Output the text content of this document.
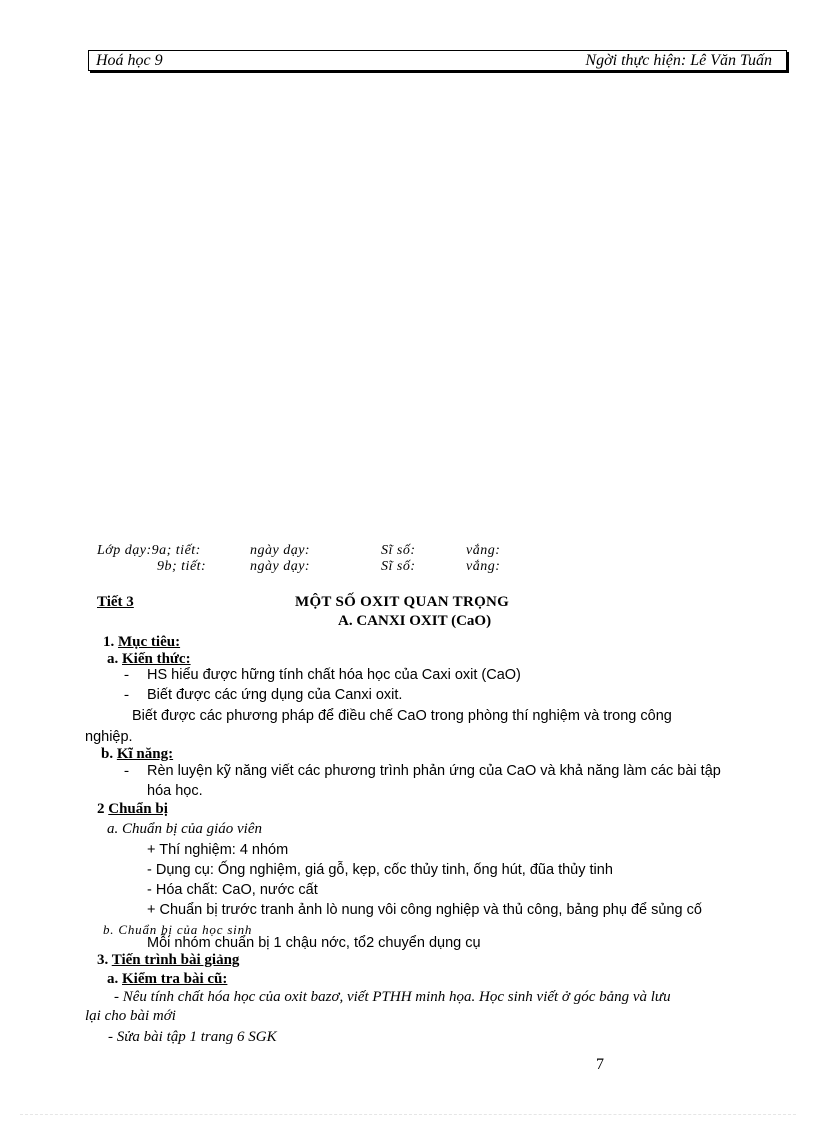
Hoá học 9	Ngời thực hiện: Lê Văn Tuấn
Lớp dạy:9a; tiết:	ngày dạy:	Sĩ số:	vắng:
9b; tiết:	ngày dạy:	Sĩ số:	vắng:
Tiết 3	MỘT SỐ OXIT QUAN TRỌNG
A. CANXI OXIT (CaO)
1. Mục tiêu:
a. Kiến thức:
- HS hiểu được hững tính chất hóa học của Caxi oxit (CaO)
- Biết được các ứng dụng của Canxi oxit.
Biết được các phương pháp để điều chế CaO trong phòng thí nghiệm và trong công
nghiệp.
b. Kĩ năng:
- Rèn luyện kỹ năng viết các phương trình phản ứng của CaO và khả năng làm các bài tập
hóa học.
2 Chuẩn bị
a. Chuẩn bị của giáo viên
+ Thí nghiệm: 4 nhóm
- Dụng cụ: Ống nghiệm, giá gỗ, kẹp, cốc thủy tinh, ống hút, đũa thủy tinh
- Hóa chất: CaO, nước cất
+ Chuẩn bị trước tranh ảnh lò nung vôi công nghiệp và thủ công, bảng phụ để sủng cố
b. Chuẩn bị của học sinh
Mỗi nhóm chuẩn bị 1 chậu nớc, tổ2 chuyển dụng cụ
3. Tiến trình bài giảng
a. Kiểm tra bài cũ:
- Nêu tính chất hóa học của oxit bazơ, viết PTHH minh họa. Học sinh viết ở góc bảng và lưu
lại cho bài mới
- Sửa bài tập 1 trang 6 SGK
7
